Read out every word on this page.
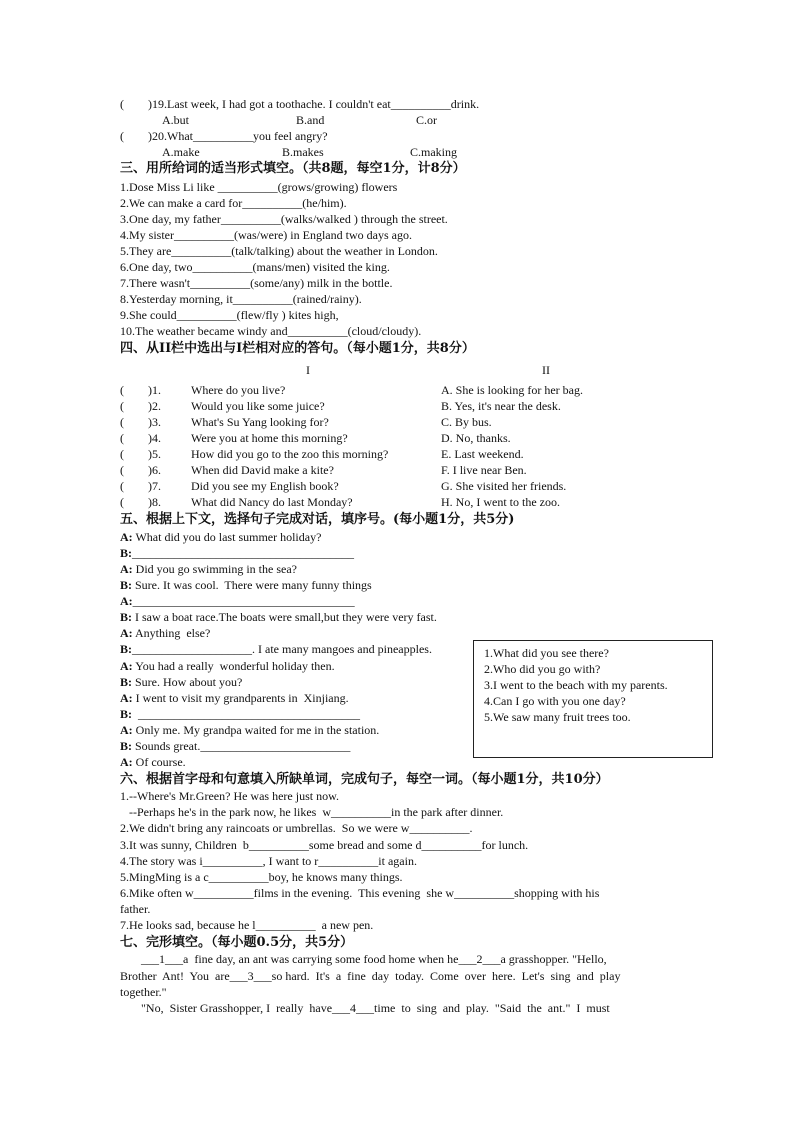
(        )19.Last week, I had got a toothache. I couldn't eat__________drink.
A.but	B.and	C.or
(        )20.What__________you feel angry?
A.make	B.makes	C.making
三、用所给词的适当形式填空。（共8题，每空1分，计8分）
1.Dose Miss Li like __________(grows/growing) flowers
2.We can make a card for__________(he/him).
3.One day, my father__________(walks/walked ) through the street.
4.My sister__________(was/were) in England two days ago.
5.They are__________(talk/talking) about the weather in London.
6.One day, two__________(mans/men) visited the king.
7.There wasn't__________(some/any) milk in the bottle.
8.Yesterday morning, it__________(rained/rainy).
9.She could__________(flew/fly ) kites high,
10.The weather became windy and__________(cloud/cloudy).
四、从II栏中选出与I栏相对应的答句。（每小题1分，共8分）
I	II
(        )1.	Where do you live?	A. She is looking for her bag.
(        )2.	Would you like some juice?	B. Yes, it's near the desk.
(        )3.	What's Su Yang looking for?	C. By bus.
(        )4.	Were you at home this morning?	D. No, thanks.
(        )5.	How did you go to the zoo this morning?	E. Last weekend.
(        )6.	When did David make a kite?	F. I live near Ben.
(        )7.	Did you see my English book?	G. She visited her friends.
(        )8.	What did Nancy do last Monday?	H. No, I went to the zoo.
五、根据上下文，选择句子完成对话，填序号。(每小题1分，共5分)
A: What did you do last summer holiday?
B:_____________________________________
A: Did you go swimming in the sea?
B: Sure. It was cool.  There were many funny things
A:_____________________________________
B: I saw a boat race.The boats were small,but they were very fast.
A: Anything  else?
B:____________________. I ate many mangoes and pineapples.
A: You had a really  wonderful holiday then.
B: Sure. How about you?
A: I went to visit my grandparents in  Xinjiang.
B:  _____________________________________
A: Only me. My grandpa waited for me in the station.
B: Sounds great._________________________
A: Of course.
1.What did you see there?
2.Who did you go with?
3.I went to the beach with my parents.
4.Can I go with you one day?
5.We saw many fruit trees too.
六、根据首字母和句意填入所缺单词，完成句子，每空一词。（每小题1分，共10分）
1.--Where's Mr.Green? He was here just now.
--Perhaps he's in the park now, he likes  w__________in the park after dinner.
2.We didn't bring any raincoats or umbrellas.  So we were w__________.
3.It was sunny, Children  b__________some bread and some d__________for lunch.
4.The story was i__________, I want to r__________it again.
5.MingMing is a c__________boy, he knows many things.
6.Mike often w__________films in the evening.  This evening  she w__________shopping with his
father.
7.He looks sad, because he l__________  a new pen.
七、完形填空。（每小题0.5分，共5分）
___1___a  fine day, an ant was carrying some food home when he___2___a grasshopper. "Hello,
Brother  Ant!  You  are___3___so hard.  It's  a  fine  day  today.  Come  over  here.  Let's  sing  and  play
together."
"No,  Sister Grasshopper, I  really  have___4___time  to  sing  and  play.  "Said  the  ant."  I  must
